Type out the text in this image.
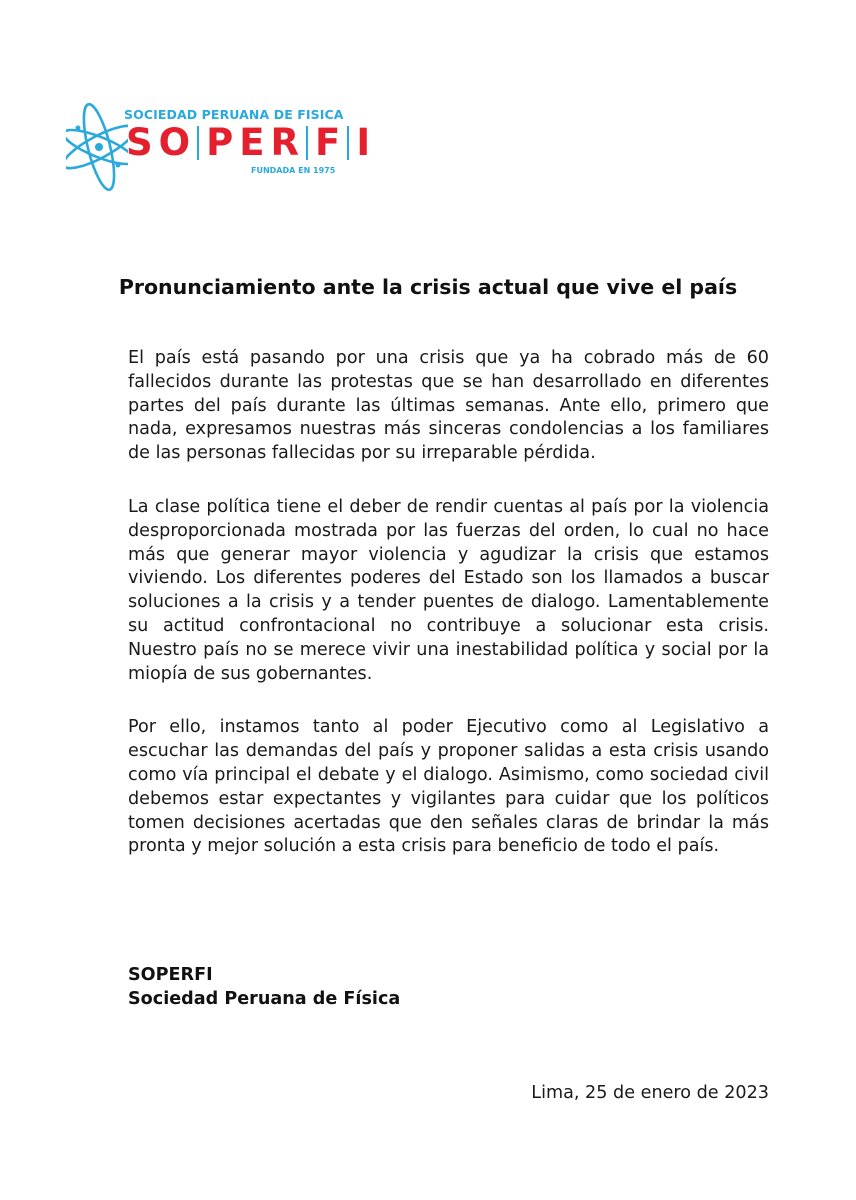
SOCIEDAD PERUANA DE FISICA
S O P E R F I
FUNDADA EN 1975
Pronunciamiento ante la crisis actual que vive el país

El país está pasando por una crisis que ya ha cobrado más de 60 fallecidos durante las protestas que se han desarrollado en diferentes partes del país durante las últimas semanas. Ante ello, primero que nada, expresamos nuestras más sinceras condolencias a los familiares de las personas fallecidas por su irreparable pérdida.

La clase política tiene el deber de rendir cuentas al país por la violencia desproporcionada mostrada por las fuerzas del orden, lo cual no hace más que generar mayor violencia y agudizar la crisis que estamos viviendo. Los diferentes poderes del Estado son los llamados a buscar soluciones a la crisis y a tender puentes de dialogo. Lamentablemente su actitud confrontacional no contribuye a solucionar esta crisis. Nuestro país no se merece vivir una inestabilidad política y social por la miopía de sus gobernantes.

Por ello, instamos tanto al poder Ejecutivo como al Legislativo a escuchar las demandas del país y proponer salidas a esta crisis usando como vía principal el debate y el dialogo. Asimismo, como sociedad civil debemos estar expectantes y vigilantes para cuidar que los políticos tomen decisiones acertadas que den señales claras de brindar la más pronta y mejor solución a esta crisis para beneficio de todo el país.

SOPERFI
Sociedad Peruana de Física
Lima, 25 de enero de 2023
